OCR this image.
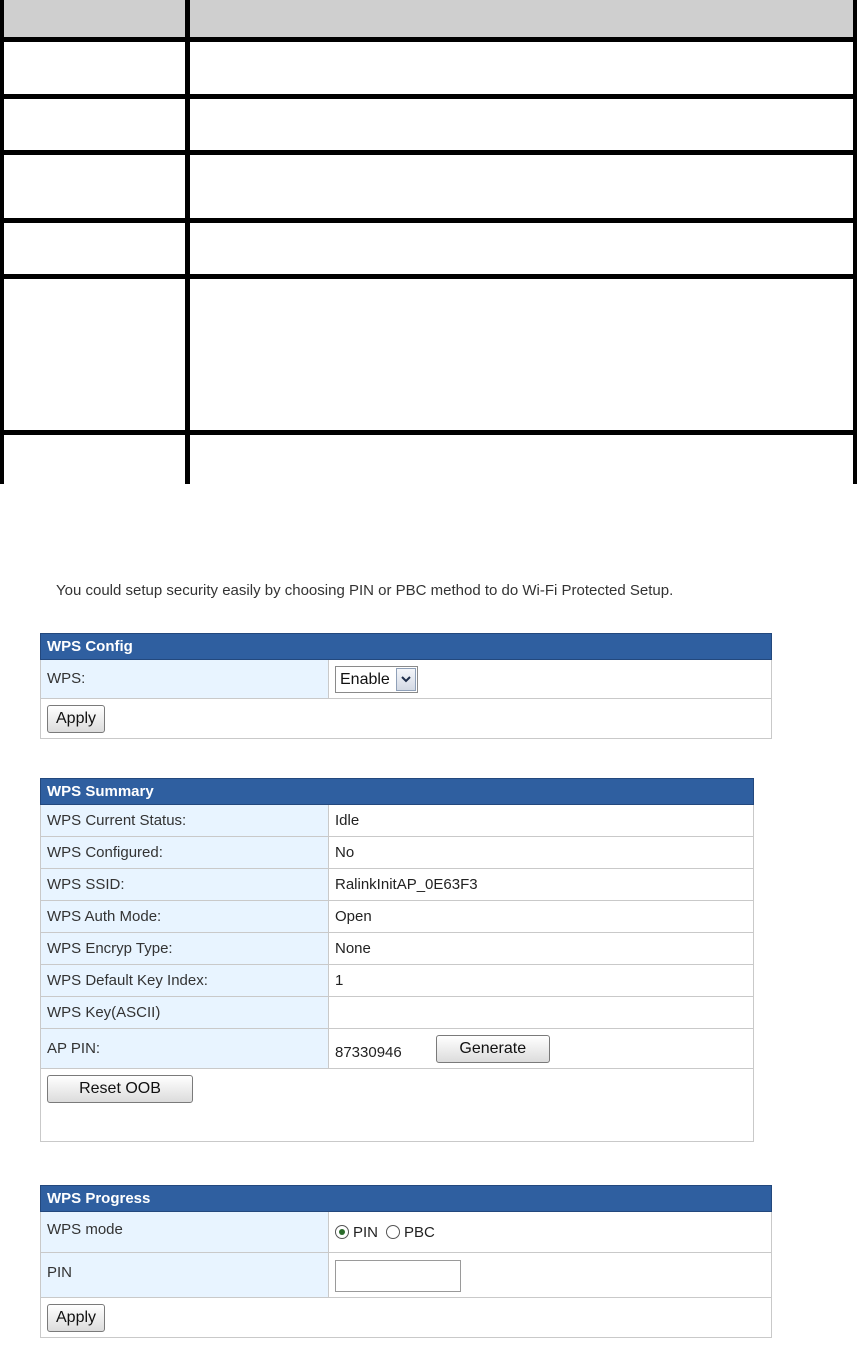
You could setup security easily by choosing PIN or PBC method to do Wi-Fi Protected Setup.
WPS Config
WPS:	Enable
Apply
WPS Summary
WPS Current Status:	Idle
WPS Configured:	No
WPS SSID:	RalinkInitAP_0E63F3
WPS Auth Mode:	Open
WPS Encryp Type:	None
WPS Default Key Index:	1
WPS Key(ASCII)
AP PIN:	87330946	Generate
Reset OOB
WPS Progress
WPS mode	PIN PBC
PIN
Apply
